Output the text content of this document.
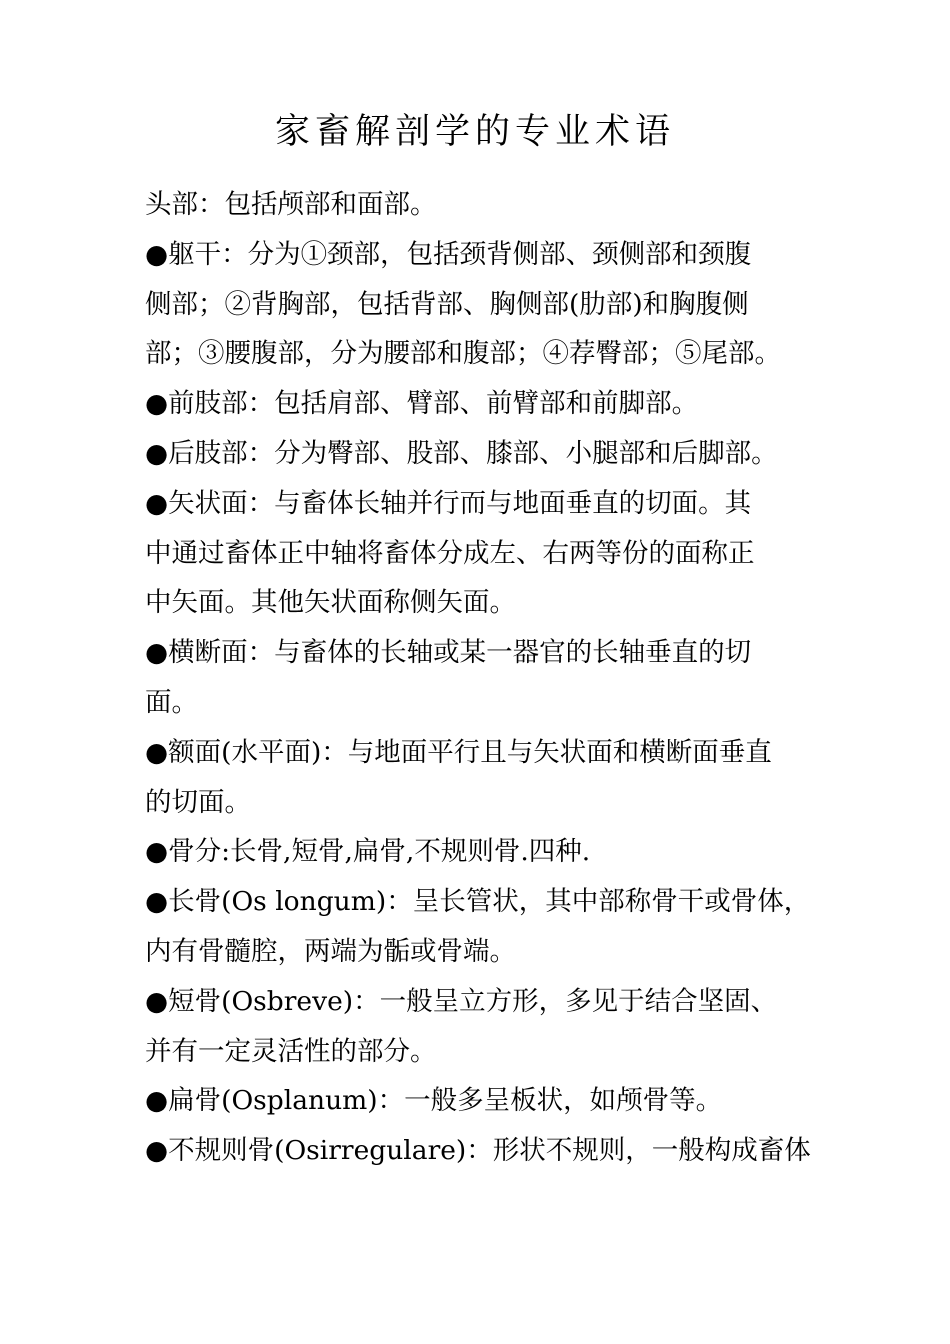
家畜解剖学的专业术语

头部：包括颅部和面部。

●躯干：分为①颈部，包括颈背侧部、颈侧部和颈腹
侧部；②背胸部，包括背部、胸侧部(肋部)和胸腹侧
部；③腰腹部，分为腰部和腹部；④荐臀部；⑤尾部。

●前肢部：包括肩部、臂部、前臂部和前脚部。

●后肢部：分为臀部、股部、膝部、小腿部和后脚部。

●矢状面：与畜体长轴并行而与地面垂直的切面。其
中通过畜体正中轴将畜体分成左、右两等份的面称正
中矢面。其他矢状面称侧矢面。

●横断面：与畜体的长轴或某一器官的长轴垂直的切
面。

●额面(水平面)：与地面平行且与矢状面和横断面垂直
的切面。

●骨分:长骨,短骨,扁骨,不规则骨.四种.

●长骨(Os longum)：呈长管状，其中部称骨干或骨体，
内有骨髓腔，两端为骺或骨端。

●短骨(Osbreve)：一般呈立方形，多见于结合坚固、
并有一定灵活性的部分。

●扁骨(Osplanum)：一般多呈板状，如颅骨等。

●不规则骨(Osirregulare)：形状不规则，一般构成畜体
